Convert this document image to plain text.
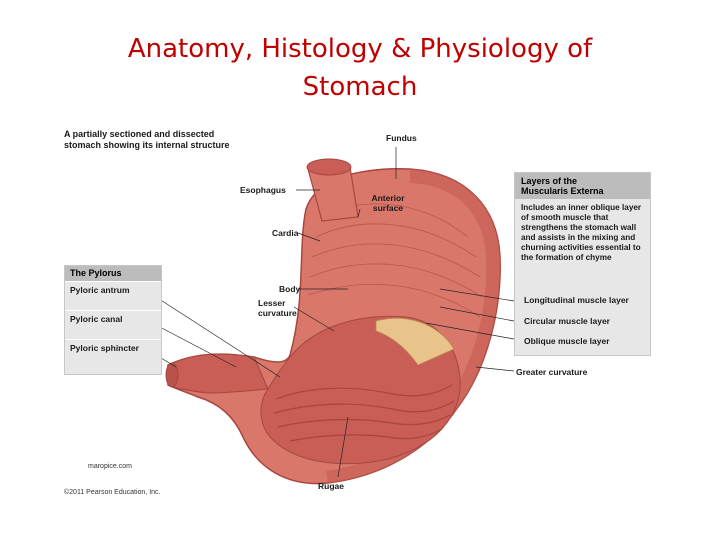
Anatomy, Histology & Physiology of
Stomach
A partially sectioned and dissected
stomach showing its internal structure
Fundus
Esophagus
Anterior
surface
Cardia
Body
Lesser
curvature
The Pylorus
Pyloric antrum
Pyloric canal
Pyloric sphincter
Layers of the
Muscularis Externa
Includes an inner oblique layer of smooth muscle that strengthens the stomach wall and assists in the mixing and churning activities essential to the formation of chyme
Longitudinal muscle layer
Circular muscle layer
Oblique muscle layer
Greater curvature
Rugae
maropice.com
©2011 Pearson Education, Inc.
